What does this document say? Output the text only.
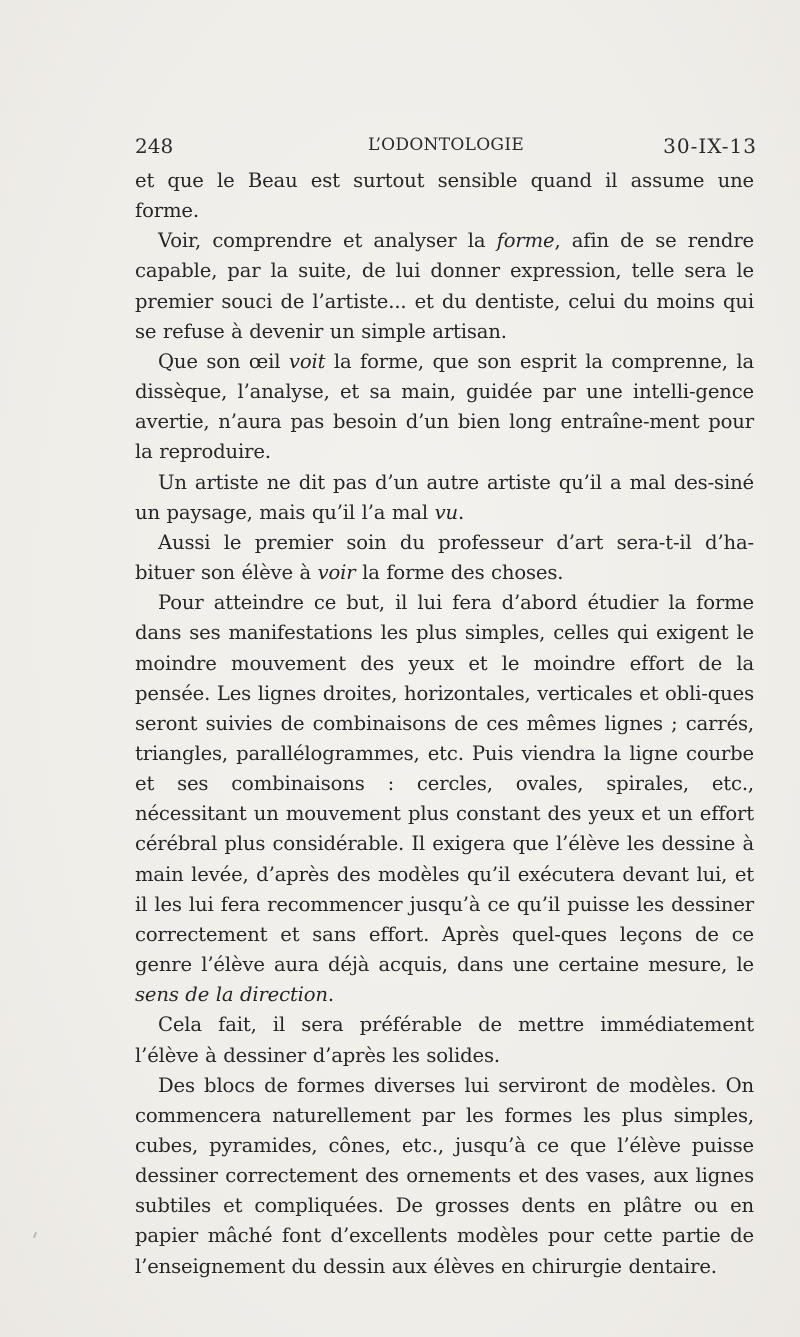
248	L’ODONTOLOGIE	30-IX-13

et que le Beau est surtout sensible quand il assume une forme.

Voir, comprendre et analyser la forme, afin de se rendre capable, par la suite, de lui donner expression, telle sera le premier souci de l’artiste... et du dentiste, celui du moins qui se refuse à devenir un simple artisan.

Que son œil voit la forme, que son esprit la comprenne, la dissèque, l’analyse, et sa main, guidée par une intelli-gence avertie, n’aura pas besoin d’un bien long entraîne-ment pour la reproduire.

Un artiste ne dit pas d’un autre artiste qu’il a mal des-siné un paysage, mais qu’il l’a mal vu.

Aussi le premier soin du professeur d’art sera-t-il d’ha-bituer son élève à voir la forme des choses.

Pour atteindre ce but, il lui fera d’abord étudier la forme dans ses manifestations les plus simples, celles qui exigent le moindre mouvement des yeux et le moindre effort de la pensée. Les lignes droites, horizontales, verticales et obli-ques seront suivies de combinaisons de ces mêmes lignes ; carrés, triangles, parallélogrammes, etc. Puis viendra la ligne courbe et ses combinaisons : cercles, ovales, spirales, etc., nécessitant un mouvement plus constant des yeux et un effort cérébral plus considérable. Il exigera que l’élève les dessine à main levée, d’après des modèles qu’il exécutera devant lui, et il les lui fera recommencer jusqu’à ce qu’il puisse les dessiner correctement et sans effort. Après quel-ques leçons de ce genre l’élève aura déjà acquis, dans une certaine mesure, le sens de la direction.

Cela fait, il sera préférable de mettre immédiatement l’élève à dessiner d’après les solides.

Des blocs de formes diverses lui serviront de modèles. On commencera naturellement par les formes les plus simples, cubes, pyramides, cônes, etc., jusqu’à ce que l’élève puisse dessiner correctement des ornements et des vases, aux lignes subtiles et compliquées. De grosses dents en plâtre ou en papier mâché font d’excellents modèles pour cette partie de l’enseignement du dessin aux élèves en chirurgie dentaire.
